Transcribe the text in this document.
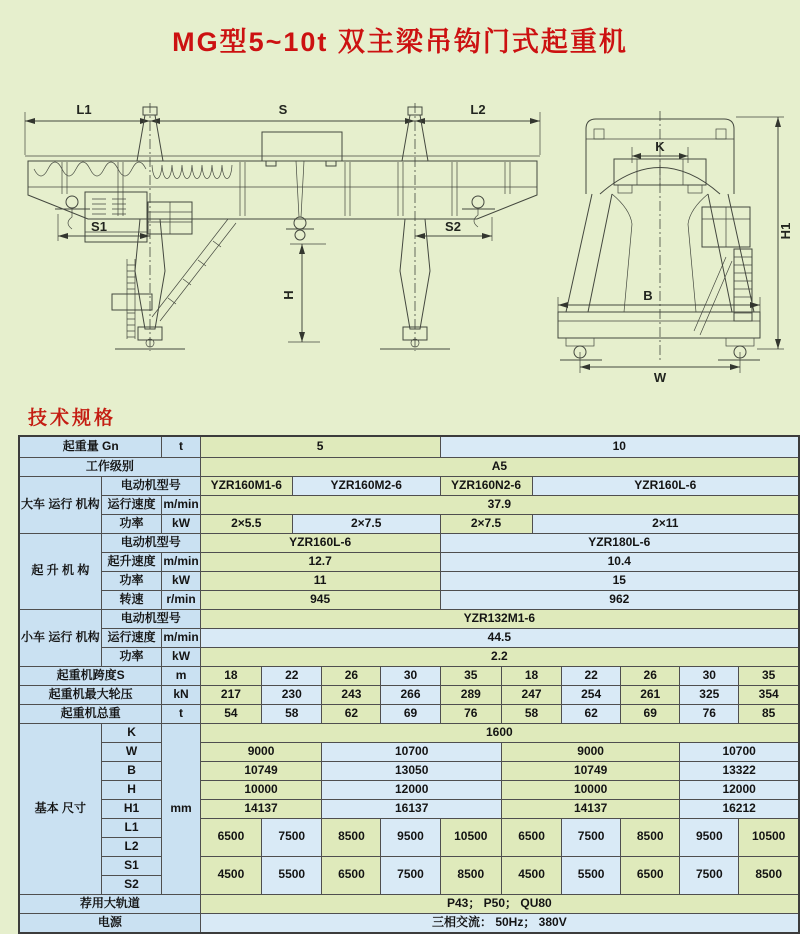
MG型5~10t 双主梁吊钩门式起重机
L1	S	L2
S1	S2
H
K
B
W
H1
技术规格
起重量 Gn		t	5					10						
工作级别			A5											
大车 运行 机构	电动机型号		YZR160M1-6		YZR160M2-6			YZR160N2-6		YZR160L-6				
	运行速度	m/min	37.9											
	功率	kW	2×5.5		2×7.5			2×7.5		2×11				
起 升 机 构	电动机型号		YZR160L-6					YZR180L-6						
	起升速度	m/min	12.7					10.4						
	功率	kW	11					15						
	转速	r/min	945					962						
小车 运行 机构	电动机型号		YZR132M1-6											
	运行速度	m/min	44.5											
	功率	kW	2.2											
起重机跨度S		m	18	22		26	30	35	18		22	26	30	35
起重机最大轮压		kN	217	230		243	266	289	247		254	261	325	354
起重机总重		t	54	58		62	69	76	58		62	69	76	85
基本 尺寸	K	mm	1600											
	W		9000			10700			9000				10700	
	B		10749			13050			10749				13322	
	H		10000			12000			10000				12000	
	H1		14137			16137			14137				16212	
	L1		6500	7500		8500	9500	10500	6500		7500	8500	9500	10500
	L2													
	S1		4500	5500		6500	7500	8500	4500		5500	6500	7500	8500
	S2													
荐用大轨道			P43； P50； QU80											
电源			三相交流： 50Hz； 380V											
